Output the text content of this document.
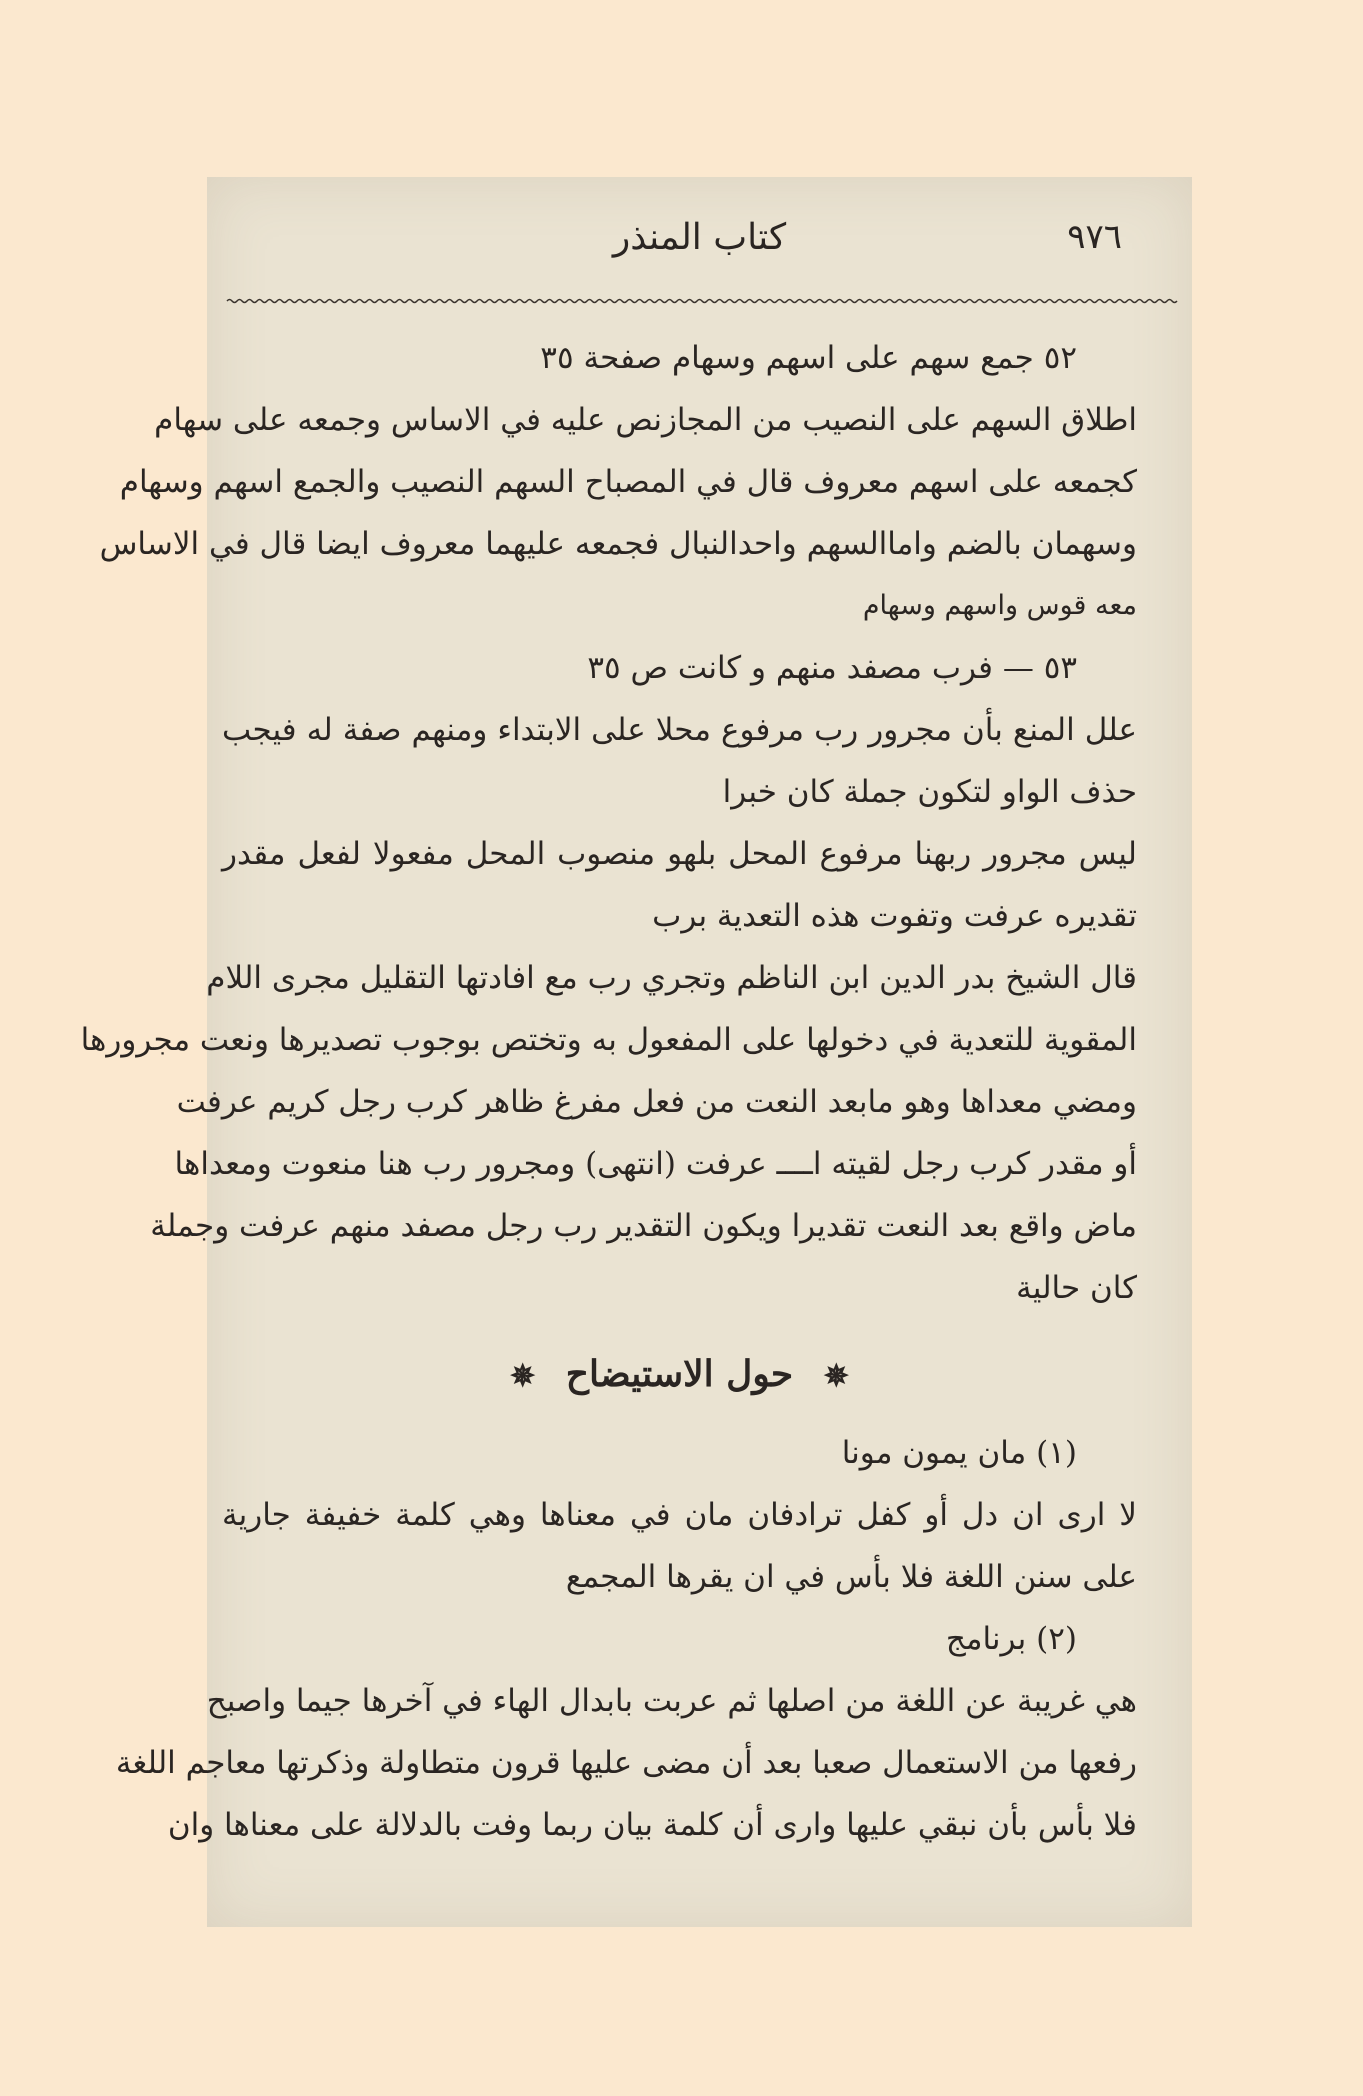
٩٧٦
كتاب المنذر
٥٢ جمع سهم على اسهم وسهام صفحة ٣٥
اطلاق السهم على النصيب من المجازنص عليه في الاساس وجمعه على سهام
كجمعه على اسهم معروف قال في المصباح السهم النصيب والجمع اسهم وسهام
وسهمان بالضم واماالسهم واحدالنبال فجمعه عليهما معروف ايضا قال في الاساس
معه قوس واسهم وسهام
٥٣ — فرب مصفد منهم و كانت ص ٣٥
علل المنع بأن مجرور رب مرفوع محلا على الابتداء ومنهم صفة له فيجب
حذف الواو لتكون جملة كان خبرا
ليس مجرور ربهنا مرفوع المحل بلهو منصوب المحل مفعولا لفعل مقدر
تقديره عرفت وتفوت هذه التعدية برب
قال الشيخ بدر الدين ابن الناظم وتجري رب مع افادتها التقليل مجرى اللام
المقوية للتعدية في دخولها على المفعول به وتختص بوجوب تصديرها ونعت مجرورها
ومضي معداها وهو مابعد النعت من فعل مفرغ ظاهر كرب رجل كريم عرفت
أو مقدر كرب رجل لقيته اــــ عرفت (انتهى) ومجرور رب هنا منعوت ومعداها
ماض واقع بعد النعت تقديرا ويكون التقدير رب رجل مصفد منهم عرفت وجملة
كان حالية
✵ حول الاستيضاح ✵
(١) مان يمون مونا
لا ارى ان دل أو كفل ترادفان مان في معناها وهي كلمة خفيفة جارية
على سنن اللغة فلا بأس في ان يقرها المجمع
(٢) برنامج
هي غريبة عن اللغة من اصلها ثم عربت بابدال الهاء في آخرها جيما واصبح
رفعها من الاستعمال صعبا بعد أن مضى عليها قرون متطاولة وذكرتها معاجم اللغة
فلا بأس بأن نبقي عليها واری أن كلمة بيان ربما وفت بالدلالة على معناها وان
